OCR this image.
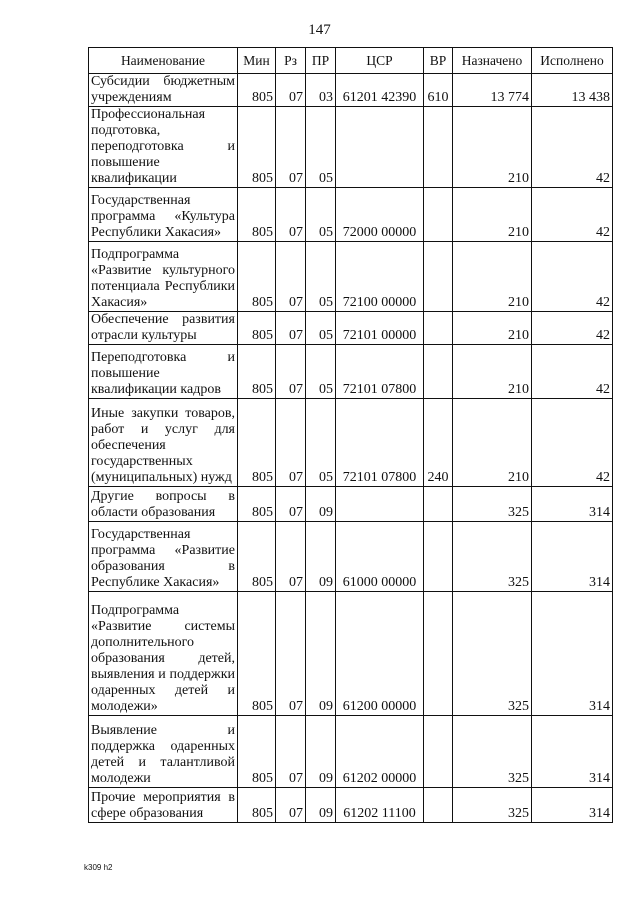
147
Наименование	Мин	Рз	ПР	ЦСР	ВР	Назначено	Исполнено
Субсидии бюджетным учреждениям	805	07	03	61201 42390	610	13 774	13 438
Профессиональная подготовка, переподготовка и повышение квалификации	805	07	05			210	42
Государственная программа «Культура Республики Хакасия»	805	07	05	72000 00000		210	42
Подпрограмма «Развитие культурного потенциала Республики Хакасия»	805	07	05	72100 00000		210	42
Обеспечение развития отрасли культуры	805	07	05	72101 00000		210	42
Переподготовка и повышение квалификации кадров	805	07	05	72101 07800		210	42
Иные закупки товаров, работ и услуг для обеспечения государственных (муниципальных) нужд	805	07	05	72101 07800	240	210	42
Другие вопросы в области образования	805	07	09			325	314
Государственная программа «Развитие образования в Республике Хакасия»	805	07	09	61000 00000		325	314
Подпрограмма «Развитие системы дополнительного образования детей, выявления и поддержки одаренных детей и молодежи»	805	07	09	61200 00000		325	314
Выявление и поддержка одаренных детей и талантливой молодежи	805	07	09	61202 00000		325	314
Прочие мероприятия в сфере образования	805	07	09	61202 11100		325	314
k309 h2
